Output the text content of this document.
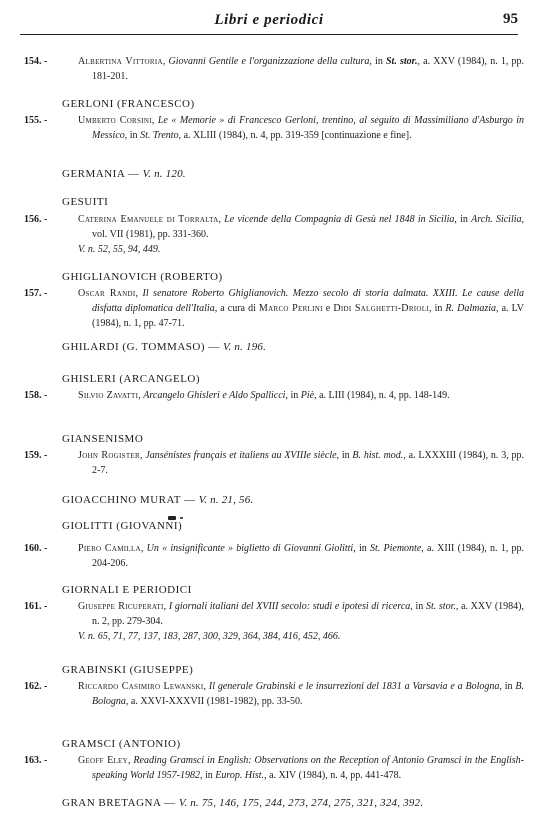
Libri e periodici	95
154. -	Albertina Vittoria, Giovanni Gentile e l'organizzazione della cultura, in St. stor., a. XXV (1984), n. 1, pp. 181-201.
GERLONI (FRANCESCO)
155. -	Umberto Corsini, Le « Memorie » di Francesco Gerloni, trentino, al seguito di Massimiliano d'Asburgo in Messico, in St. Trento, a. XLIII (1984), n. 4, pp. 319-359 [continuazione e fine].
GERMANIA — V. n. 120.
GESUITI
156. -	Caterina Emanuele di Torralta, Le vicende della Compagnia di Gesù nel 1848 in Sicilia, in Arch. Sicilia, vol. VII (1981), pp. 331-360.
V. n. 52, 55, 94, 449.
GHIGLIANOVICH (ROBERTO)
157. -	Oscar Randi, Il senatore Roberto Ghiglianovich. Mezzo secolo di storia dalmata. XXIII. Le cause della disfatta diplomatica dell'Italia, a cura di Marco Perlini e Didi Salghetti-Drioli, in R. Dalmazia, a. LV (1984), n. 1, pp. 47-71.
GHILARDI (G. TOMMASO) — V. n. 196.
GHISLERI (ARCANGELO)
158. -	Silvio Zavatti, Arcangelo Ghisleri e Aldo Spallicci, in Piè, a. LIII (1984), n. 4, pp. 148-149.
GIANSENISMO
159. -	John Rogister, Jansénistes français et italiens au XVIIIe siècle, in B. hist. mod., a. LXXXIII (1984), n. 3, pp. 2-7.
GIOACCHINO MURAT — V. n. 21, 56.
GIOLITTI (GIOVANNI)
160. -	Piero Camilla, Un « insignificante » biglietto di Giovanni Giolitti, in St. Piemonte, a. XIII (1984), n. 1, pp. 204-206.
GIORNALI E PERIODICI
161. -	Giuseppe Ricuperati, I giornali italiani del XVIII secolo: studi e ipotesi di ricerca, in St. stor., a. XXV (1984), n. 2, pp. 279-304.
V. n. 65, 71, 77, 137, 183, 287, 300, 329, 364, 384, 416, 452, 466.
GRABINSKI (GIUSEPPE)
162. -	Riccardo Casimiro Lewanski, Il generale Grabinski e le insurrezioni del 1831 a Varsavia e a Bologna, in B. Bologna, a. XXVI-XXXVII (1981-1982), pp. 33-50.
GRAMSCI (ANTONIO)
163. -	Geoff Eley, Reading Gramsci in English: Observations on the Reception of Antonio Gramsci in the English-speaking World 1957-1982, in Europ. Hist., a. XIV (1984), n. 4, pp. 441-478.
GRAN BRETAGNA — V. n. 75, 146, 175, 244, 273, 274, 275, 321, 324, 392.
